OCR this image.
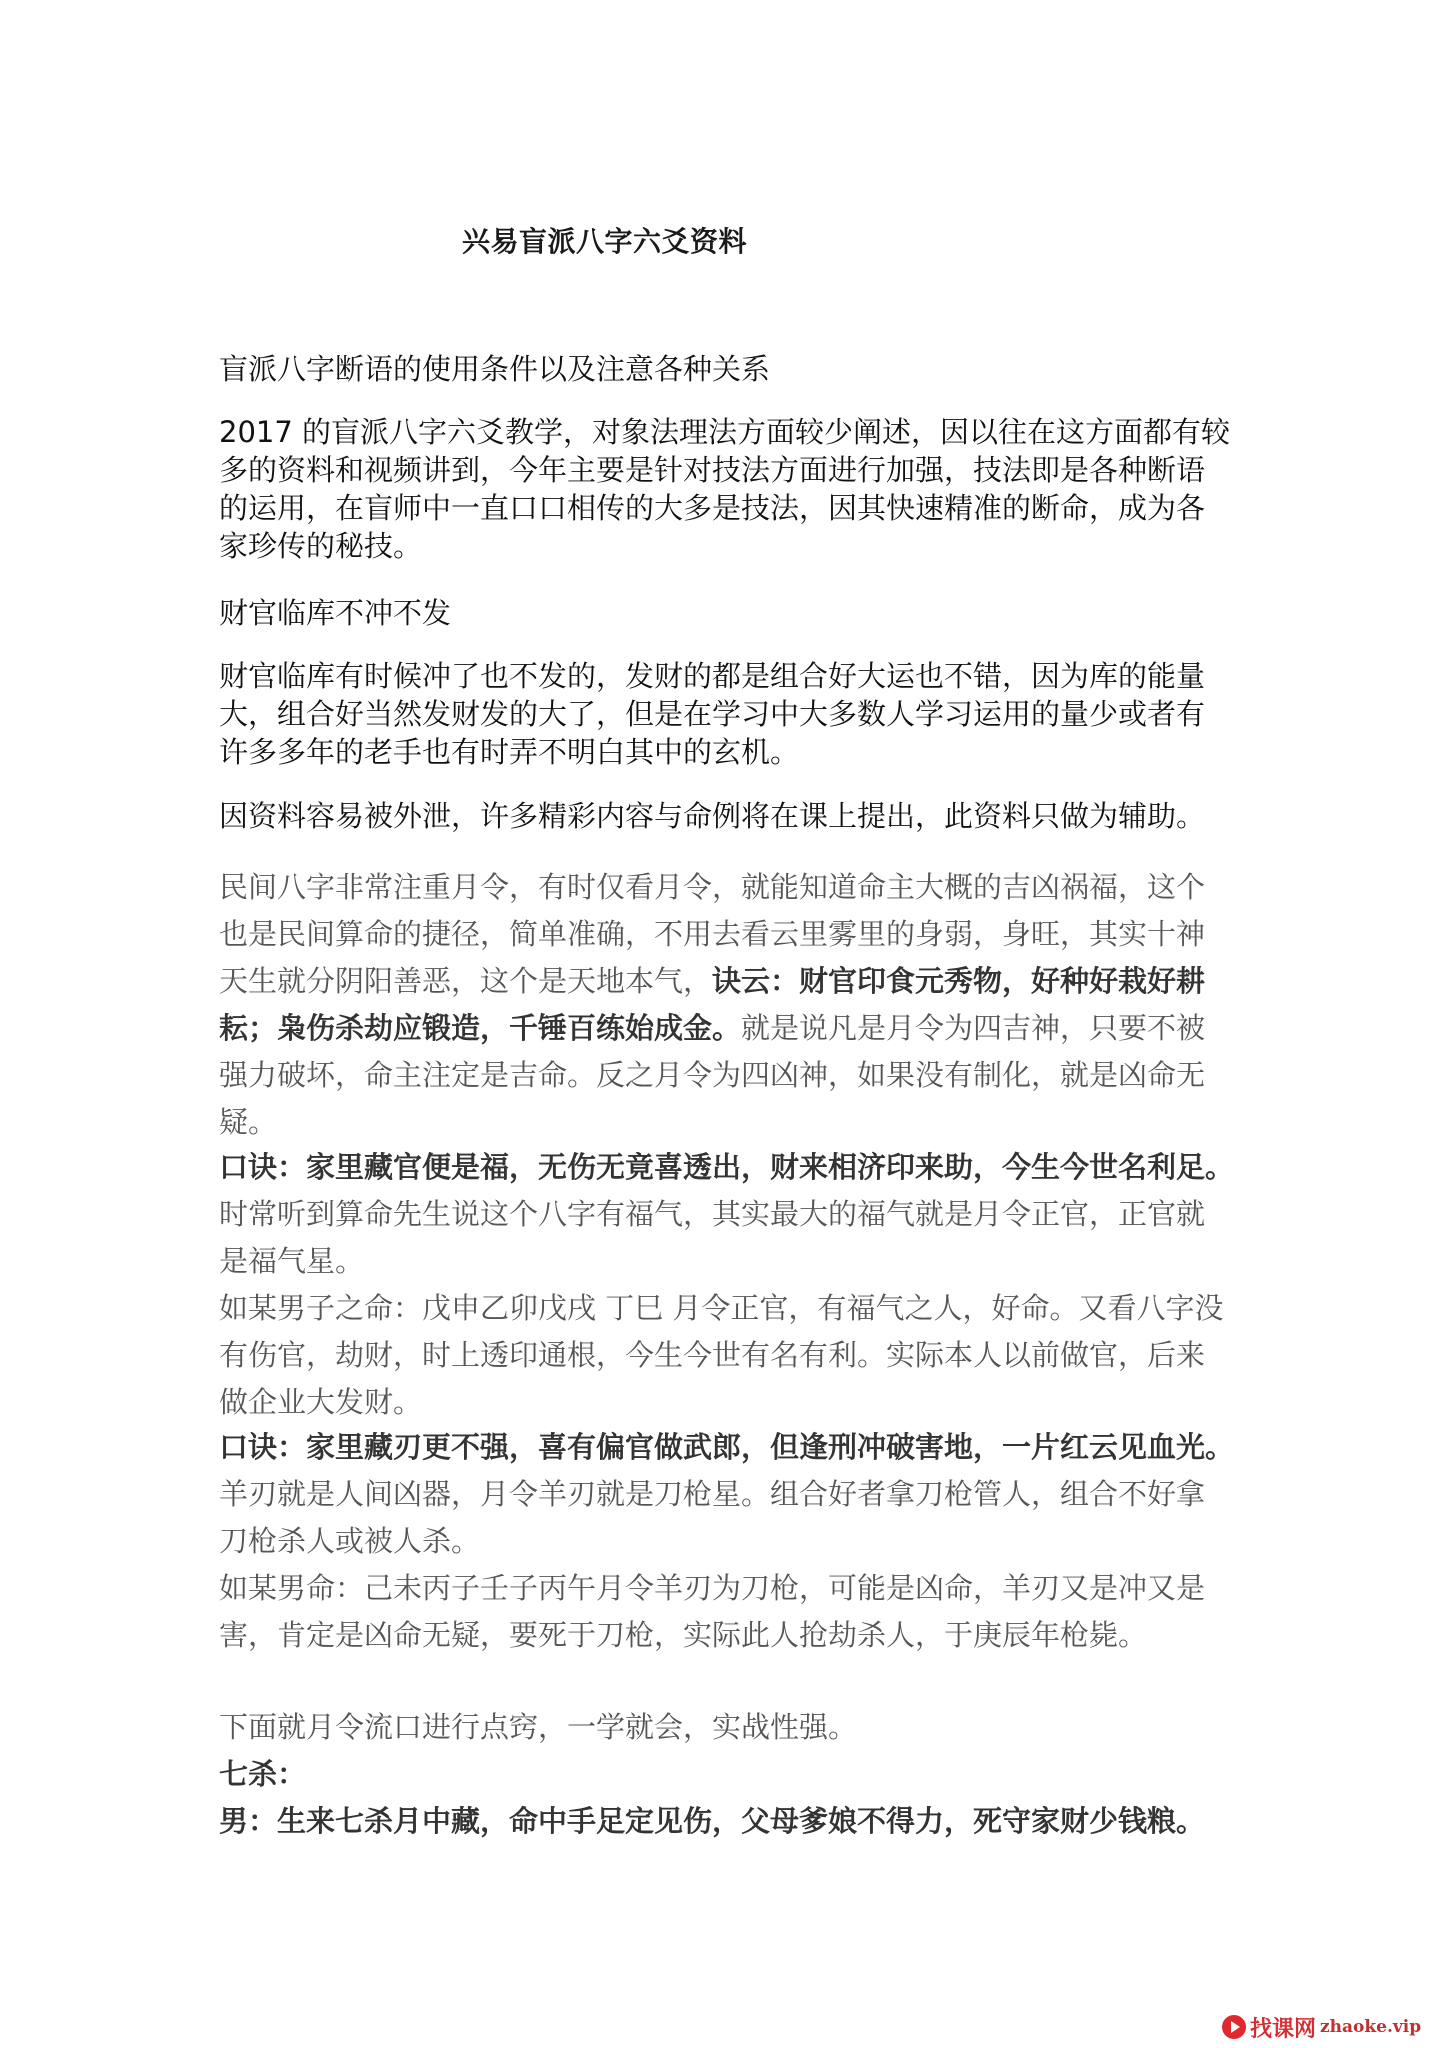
兴易盲派八字六爻资料
盲派八字断语的使用条件以及注意各种关系
2017 的盲派八字六爻教学，对象法理法方面较少阐述，因以往在这方面都有较
多的资料和视频讲到，今年主要是针对技法方面进行加强，技法即是各种断语
的运用，在盲师中一直口口相传的大多是技法，因其快速精准的断命，成为各
家珍传的秘技。
财官临库不冲不发
财官临库有时候冲了也不发的，发财的都是组合好大运也不错，因为库的能量
大，组合好当然发财发的大了，但是在学习中大多数人学习运用的量少或者有
许多多年的老手也有时弄不明白其中的玄机。
因资料容易被外泄，许多精彩内容与命例将在课上提出，此资料只做为辅助。
民间八字非常注重月令，有时仅看月令，就能知道命主大概的吉凶祸福，这个
也是民间算命的捷径，简单准确，不用去看云里雾里的身弱，身旺，其实十神
天生就分阴阳善恶，这个是天地本气，诀云：财官印食元秀物，好种好栽好耕
耘；枭伤杀劫应锻造，千锤百练始成金。就是说凡是月令为四吉神，只要不被
强力破坏，命主注定是吉命。反之月令为四凶神，如果没有制化，就是凶命无
疑。
口诀：家里藏官便是福，无伤无竟喜透出，财来相济印来助，今生今世名利足。
时常听到算命先生说这个八字有福气，其实最大的福气就是月令正官，正官就
是福气星。
如某男子之命：戊申乙卯戊戌 丁巳 月令正官，有福气之人，好命。又看八字没
有伤官，劫财，时上透印通根，今生今世有名有利。实际本人以前做官，后来
做企业大发财。
口诀：家里藏刃更不强，喜有偏官做武郎，但逢刑冲破害地，一片红云见血光。
羊刃就是人间凶器，月令羊刃就是刀枪星。组合好者拿刀枪管人，组合不好拿
刀枪杀人或被人杀。
如某男命：己未丙子壬子丙午月令羊刃为刀枪，可能是凶命，羊刃又是冲又是
害，肯定是凶命无疑，要死于刀枪，实际此人抢劫杀人，于庚辰年枪毙。
下面就月令流口进行点窍，一学就会，实战性强。
七杀：
男：生来七杀月中藏，命中手足定见伤，父母爹娘不得力，死守家财少钱粮。
找课网 zhaoke.vip
